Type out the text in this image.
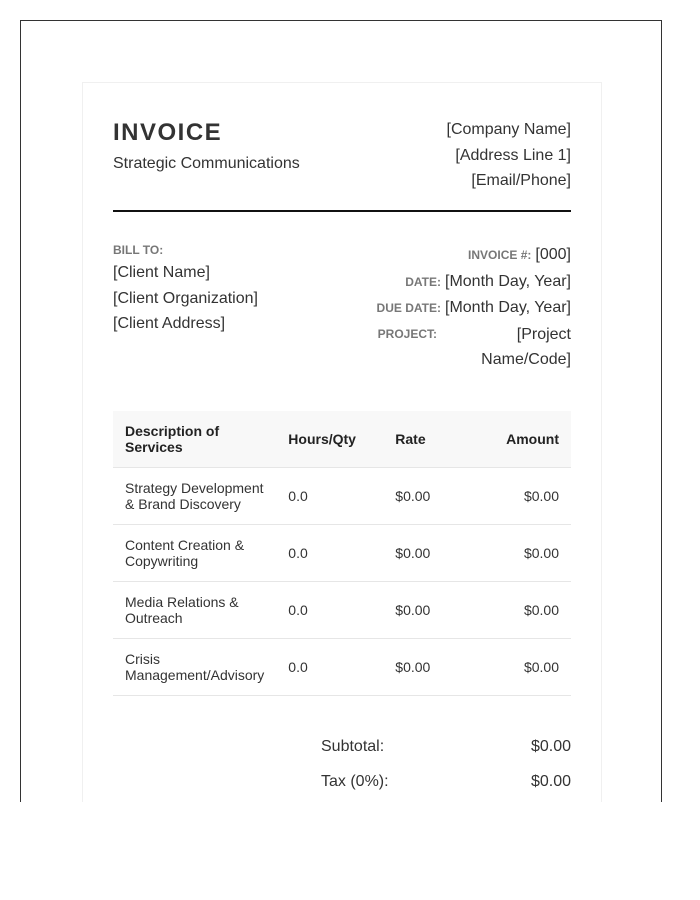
INVOICE
Strategic Communications
[Company Name]
[Address Line 1]
[Email/Phone]
BILL TO:
[Client Name]
[Client Organization]
[Client Address]
INVOICE #: [000]
DATE: [Month Day, Year]
DUE DATE: [Month Day, Year]
$^{PROJECT:}$	[Project Name/Code]
Description of Services	Hours/Qty	Rate	Amount
Strategy Development & Brand Discovery	0.0	$0.00	$0.00
Content Creation & Copywriting	0.0	$0.00	$0.00
Media Relations & Outreach	0.0	$0.00	$0.00
Crisis Management/Advisory	0.0	$0.00	$0.00
Subtotal:	$0.00
Tax (0%):	$0.00
